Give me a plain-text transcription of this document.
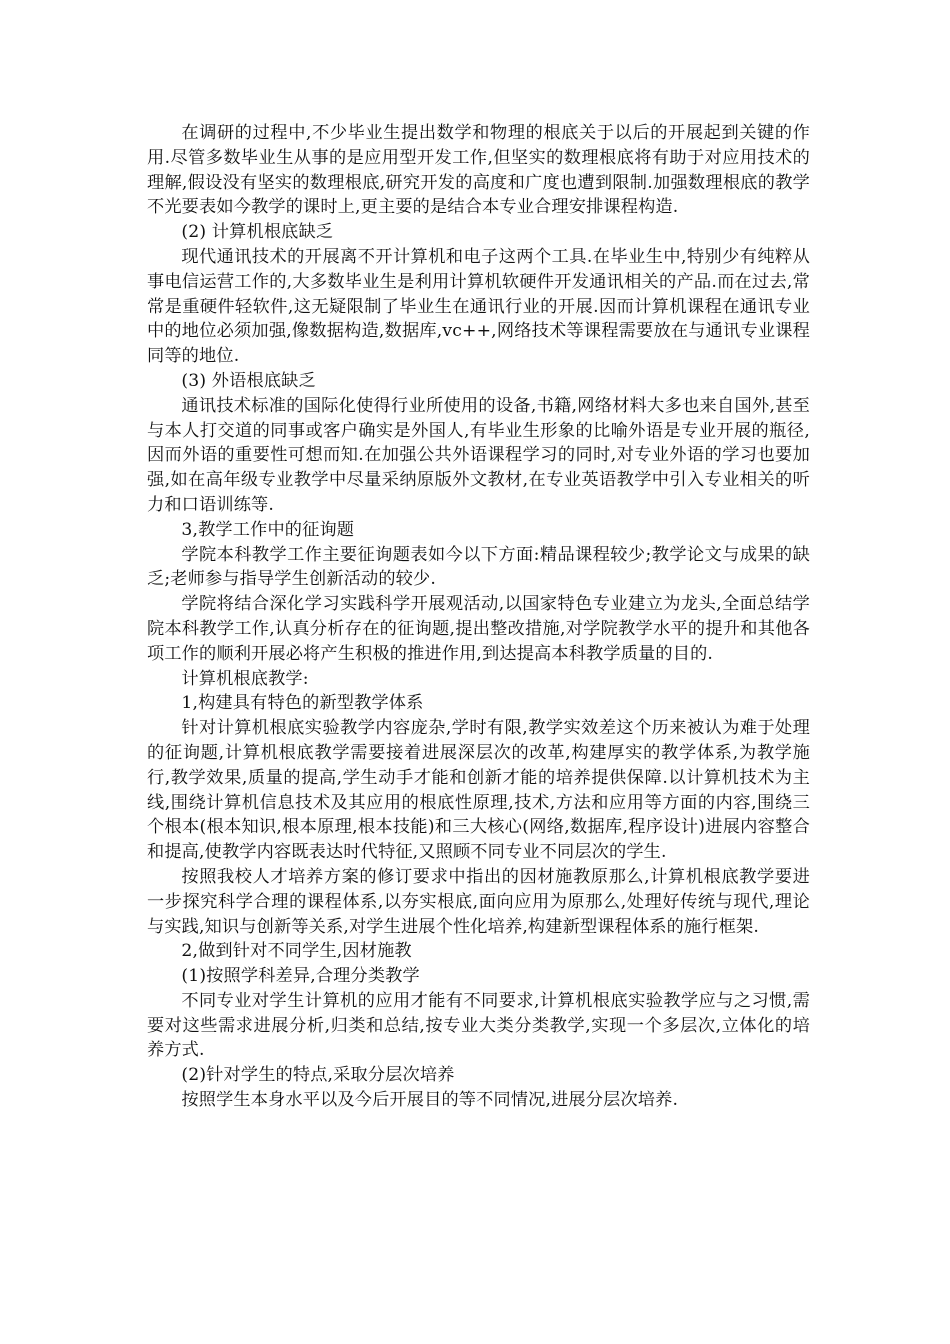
在调研的过程中,不少毕业生提出数学和物理的根底关于以后的开展起到关键的作用.尽管多数毕业生从事的是应用型开发工作,但坚实的数理根底将有助于对应用技术的理解,假设没有坚实的数理根底,研究开发的高度和广度也遭到限制.加强数理根底的教学不光要表如今教学的课时上,更主要的是结合本专业合理安排课程构造.

(2) 计算机根底缺乏

现代通讯技术的开展离不开计算机和电子这两个工具.在毕业生中,特别少有纯粹从事电信运营工作的,大多数毕业生是利用计算机软硬件开发通讯相关的产品.而在过去,常常是重硬件轻软件,这无疑限制了毕业生在通讯行业的开展.因而计算机课程在通讯专业中的地位必须加强,像数据构造,数据库,vc++,网络技术等课程需要放在与通讯专业课程同等的地位.

(3) 外语根底缺乏

通讯技术标准的国际化使得行业所使用的设备,书籍,网络材料大多也来自国外,甚至与本人打交道的同事或客户确实是外国人,有毕业生形象的比喻外语是专业开展的瓶径,因而外语的重要性可想而知.在加强公共外语课程学习的同时,对专业外语的学习也要加强,如在高年级专业教学中尽量采纳原版外文教材,在专业英语教学中引入专业相关的听力和口语训练等.

3,教学工作中的征询题

学院本科教学工作主要征询题表如今以下方面:精品课程较少;教学论文与成果的缺乏;老师参与指导学生创新活动的较少.

学院将结合深化学习实践科学开展观活动,以国家特色专业建立为龙头,全面总结学院本科教学工作,认真分析存在的征询题,提出整改措施,对学院教学水平的提升和其他各项工作的顺利开展必将产生积极的推进作用,到达提高本科教学质量的目的.

计算机根底教学:

1,构建具有特色的新型教学体系

针对计算机根底实验教学内容庞杂,学时有限,教学实效差这个历来被认为难于处理的征询题,计算机根底教学需要接着进展深层次的改革,构建厚实的教学体系,为教学施行,教学效果,质量的提高,学生动手才能和创新才能的培养提供保障.以计算机技术为主线,围绕计算机信息技术及其应用的根底性原理,技术,方法和应用等方面的内容,围绕三个根本(根本知识,根本原理,根本技能)和三大核心(网络,数据库,程序设计)进展内容整合和提高,使教学内容既表达时代特征,又照顾不同专业不同层次的学生.

按照我校人才培养方案的修订要求中指出的因材施教原那么,计算机根底教学要进一步探究科学合理的课程体系,以夯实根底,面向应用为原那么,处理好传统与现代,理论与实践,知识与创新等关系,对学生进展个性化培养,构建新型课程体系的施行框架.

2,做到针对不同学生,因材施教

(1)按照学科差异,合理分类教学

不同专业对学生计算机的应用才能有不同要求,计算机根底实验教学应与之习惯,需要对这些需求进展分析,归类和总结,按专业大类分类教学,实现一个多层次,立体化的培养方式.

(2)针对学生的特点,采取分层次培养

按照学生本身水平以及今后开展目的等不同情况,进展分层次培养.
